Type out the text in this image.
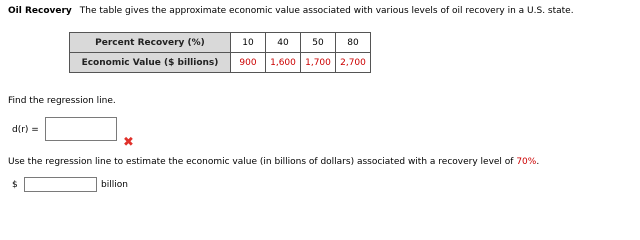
Oil Recovery The table gives the approximate economic value associated with various levels of oil recovery in a U.S. state.
Percent Recovery (%)	10	40	50	80
Economic Value ($ billions)	900	1,600	1,700	2,700
Find the regression line.
d(r) =
✖
Use the regression line to estimate the economic value (in billions of dollars) associated with a recovery level of 70%.
$	billion
